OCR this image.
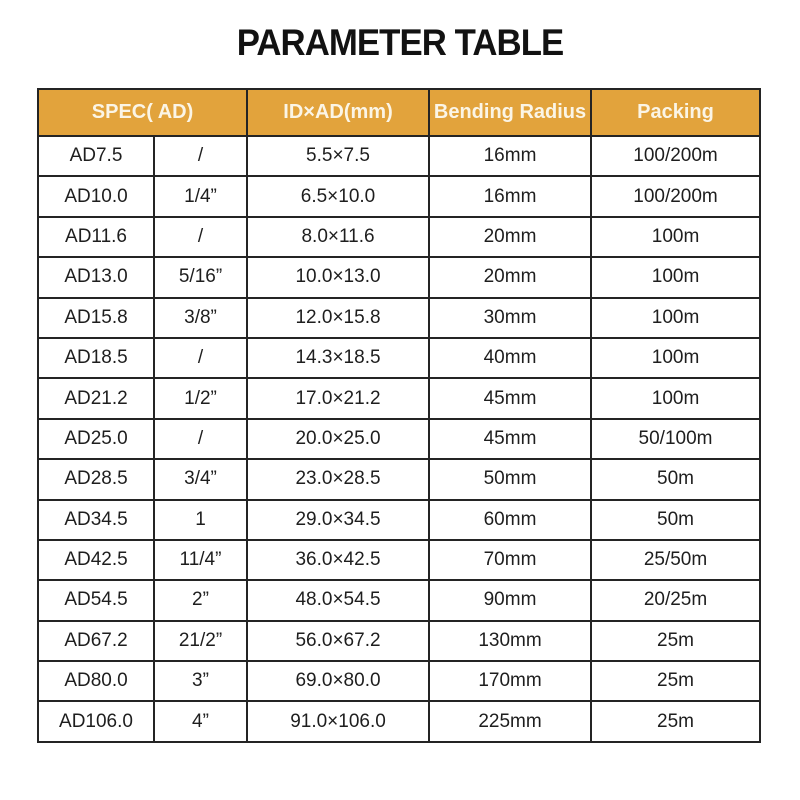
PARAMETER TABLE
SPEC( AD)		ID×AD(mm)	Bending Radius	Packing
AD7.5	/	5.5×7.5	16mm	100/200m
AD10.0	1/4”	6.5×10.0	16mm	100/200m
AD11.6	/	8.0×11.6	20mm	100m
AD13.0	5/16”	10.0×13.0	20mm	100m
AD15.8	3/8”	12.0×15.8	30mm	100m
AD18.5	/	14.3×18.5	40mm	100m
AD21.2	1/2”	17.0×21.2	45mm	100m
AD25.0	/	20.0×25.0	45mm	50/100m
AD28.5	3/4”	23.0×28.5	50mm	50m
AD34.5	1	29.0×34.5	60mm	50m
AD42.5	11/4”	36.0×42.5	70mm	25/50m
AD54.5	2”	48.0×54.5	90mm	20/25m
AD67.2	21/2”	56.0×67.2	130mm	25m
AD80.0	3”	69.0×80.0	170mm	25m
AD106.0	4”	91.0×106.0	225mm	25m
